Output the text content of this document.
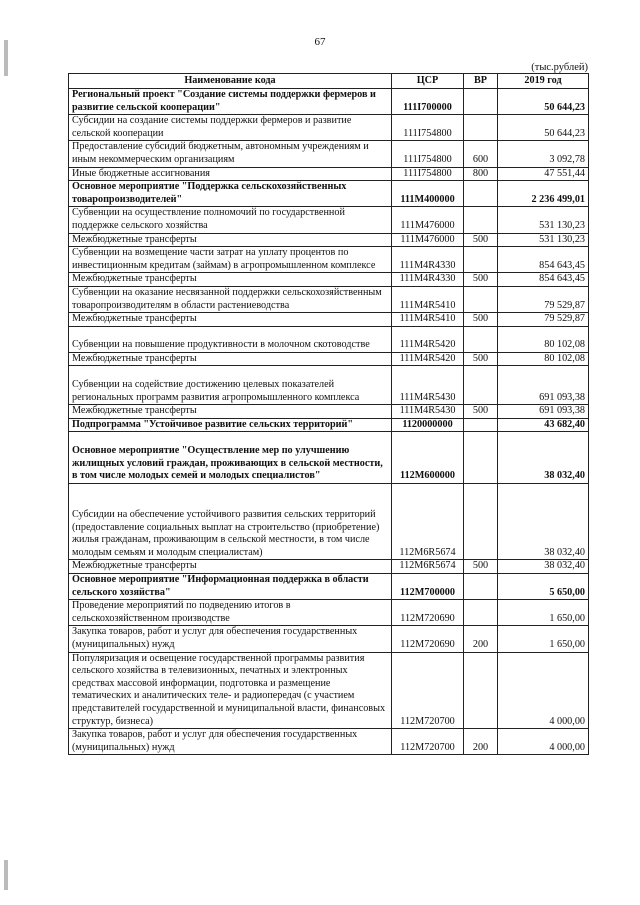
67
(тыс.рублей)
Наименование кода	ЦСР	ВР	2019 год
Региональный проект "Создание системы поддержки фермеров и развитие сельской кооперации"	111I700000		50 644,23
Субсидии на создание системы поддержки фермеров и развитие сельской кооперации	111I754800		50 644,23
Предоставление субсидий бюджетным, автономным учреждениям и иным некоммерческим организациям	111I754800	600	3 092,78
Иные бюджетные ассигнования	111I754800	800	47 551,44
Основное мероприятие "Поддержка сельскохозяйственных товаропроизводителей"	111M400000		2 236 499,01
Субвенции на осуществление полномочий по государственной поддержке сельского хозяйства	111M476000		531 130,23
Межбюджетные трансферты	111M476000	500	531 130,23
Субвенции на возмещение части затрат на уплату процентов по инвестиционным кредитам (займам) в агропромышленном комплексе	111M4R4330		854 643,45
Межбюджетные трансферты	111M4R4330	500	854 643,45
Субвенции на оказание несвязанной поддержки сельскохозяйственным товаропроизводителям в области растениеводства	111M4R5410		79 529,87
Межбюджетные трансферты	111M4R5410	500	79 529,87

Субвенции на повышение продуктивности в молочном скотоводстве	111M4R5420		80 102,08
Межбюджетные трансферты	111M4R5420	500	80 102,08

Субвенции на содействие достижению целевых показателей региональных программ развития агропромышленного комплекса	111M4R5430		691 093,38
Межбюджетные трансферты	111M4R5430	500	691 093,38
Подпрограмма "Устойчивое развитие сельских территорий"	1120000000		43 682,40

Основное мероприятие "Осуществление мер по улучшению жилищных условий граждан, проживающих в сельской местности, в том числе молодых семей и молодых специалистов"	112M600000		38 032,40

Субсидии на обеспечение устойчивого развития сельских территорий (предоставление социальных выплат на строительство (приобретение) жилья гражданам, проживающим в сельской местности, в том числе молодым семьям и молодым специалистам)	112M6R5674		38 032,40
Межбюджетные трансферты	112M6R5674	500	38 032,40
Основное мероприятие "Информационная поддержка в области сельского хозяйства"	112M700000		5 650,00
Проведение мероприятий по подведению итогов в сельскохозяйственном производстве	112M720690		1 650,00
Закупка товаров, работ и услуг для обеспечения государственных (муниципальных) нужд	112M720690	200	1 650,00
Популяризация и освещение государственной программы развития сельского хозяйства в телевизионных, печатных и электронных средствах массовой информации, подготовка и размещение тематических и аналитических теле- и радиопередач (с участием представителей государственной и муниципальной власти, финансовых структур, бизнеса)	112M720700		4 000,00
Закупка товаров, работ и услуг для обеспечения государственных (муниципальных) нужд	112M720700	200	4 000,00
